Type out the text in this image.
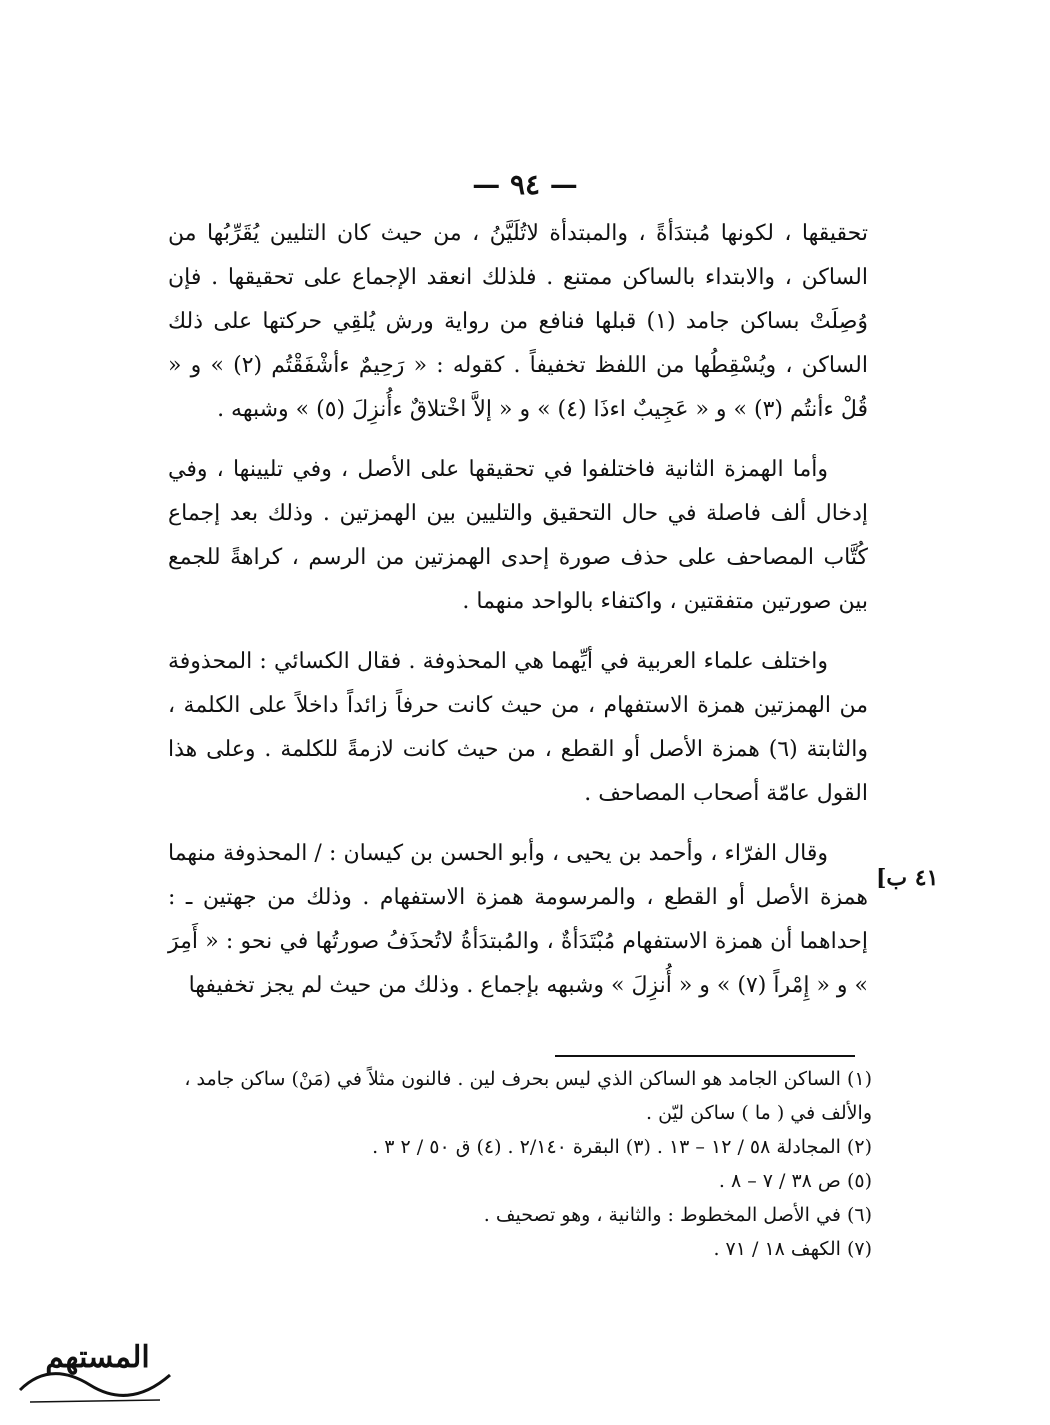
— ٩٤ —

تحقيقها ، لكونها مُبتدَأةً ، والمبتدأة لاتُلَيَّنُ ، من حيث كان التليين يُقَرِّبُها من الساكن ، والابتداء بالساكن ممتنع . فلذلك انعقد الإجماع على تحقيقها . فإن وُصِلَتْ بساكن جامد (١) قبلها فنافع من رواية ورش يُلقِي حركتها على ذلك الساكن ، ويُسْقِطُها من اللفظ تخفيفاً . كقوله : « رَحِيمٌ ءأشْفَقْتُم (٢) » و « قُلْ ءأنتُم (٣) » و « عَجِيبٌ اءذَا (٤) » و « إلاَّ اخْتلاقٌ ءأُنزِلَ (٥) » وشبهه .

وأما الهمزة الثانية فاختلفوا في تحقيقها على الأصل ، وفي تليينها ، وفي إدخال ألف فاصلة في حال التحقيق والتليين بين الهمزتين . وذلك بعد إجماع كُتَّاب المصاحف على حذف صورة إحدى الهمزتين من الرسم ، كراهةً للجمع بين صورتين متفقتين ، واكتفاء بالواحد منهما .

واختلف علماء العربية في أيِّهما هي المحذوفة . فقال الكسائي : المحذوفة من الهمزتين همزة الاستفهام ، من حيث كانت حرفاً زائداً داخلاً على الكلمة ، والثابتة (٦) همزة الأصل أو القطع ، من حيث كانت لازمةً للكلمة . وعلى هذا القول عامّة أصحاب المصاحف .

وقال الفرّاء ، وأحمد بن يحيى ، وأبو الحسن بن كيسان : / المحذوفة منهما همزة الأصل أو القطع ، والمرسومة همزة الاستفهام . وذلك من جهتين ـ : إحداهما أن همزة الاستفهام مُبْتَدَأةٌ ، والمُبتدَأةُ لاتُحذَفُ صورتُها في نحو : « أَمِرَ » و « إِمْراً (٧) » و « أُنزِلَ » وشبهه بإجماع . وذلك من حيث لم يجز تخفيفها

٤١ ب]

(١) الساكن الجامد هو الساكن الذي ليس بحرف لين . فالنون مثلاً في (مَنْ) ساكن جامد ، والألف في ( ما ) ساكن ليّن .

(٢) المجادلة ٥٨ / ١٢ – ١٣ . (٣) البقرة ٢/١٤٠ . (٤) ق ٥٠ / ٢ ٣ .

(٥) ص ٣٨ / ٧ – ٨ .

(٦) في الأصل المخطوط : والثانية ، وهو تصحيف .

(٧) الكهف ١٨ / ٧١ .

المستهم
